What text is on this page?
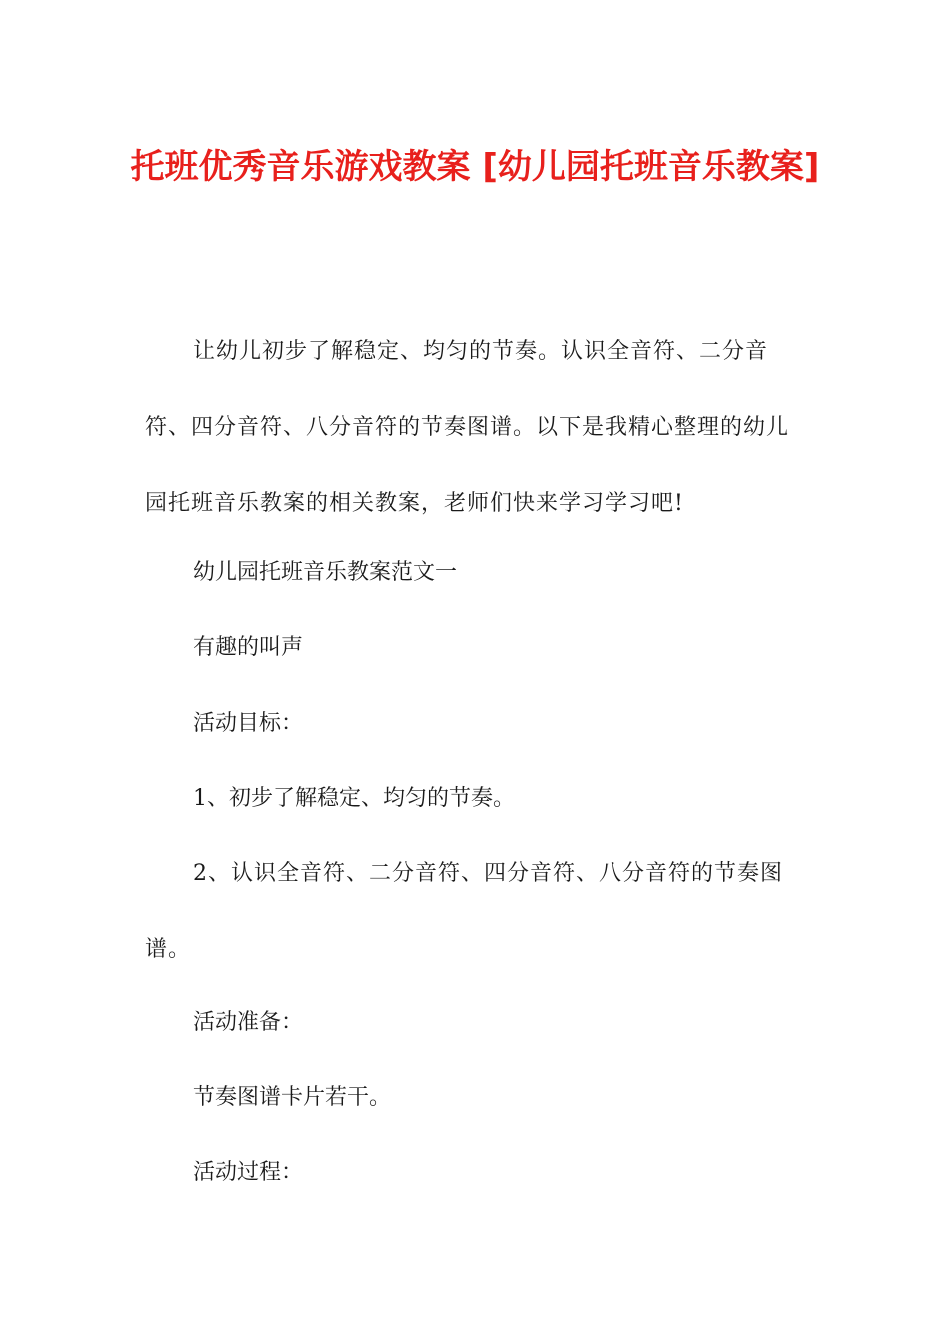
托班优秀音乐游戏教案 [幼儿园托班音乐教案]

让幼儿初步了解稳定、均匀的节奏。认识全音符、二分音符、四分音符、八分音符的节奏图谱。以下是我精心整理的幼儿园托班音乐教案的相关教案，老师们快来学习学习吧!

幼儿园托班音乐教案范文一

有趣的叫声

活动目标：

1、初步了解稳定、均匀的节奏。

2、认识全音符、二分音符、四分音符、八分音符的节奏图谱。

活动准备：

节奏图谱卡片若干。

活动过程：
